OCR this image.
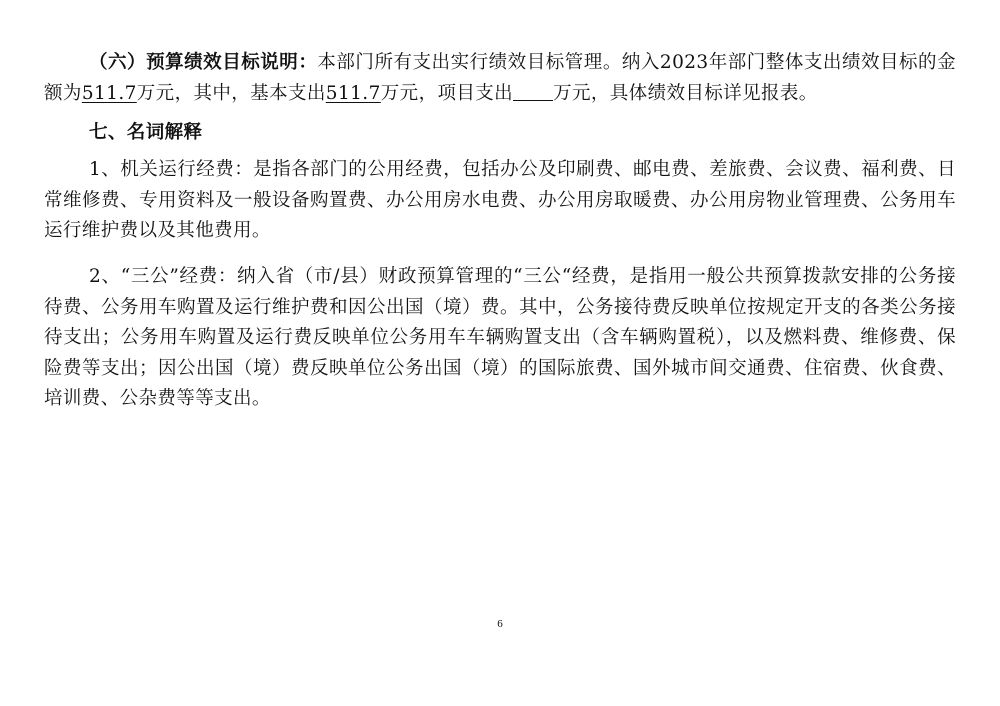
（六）预算绩效目标说明：本部门所有支出实行绩效目标管理。纳入2023年部门整体支出绩效目标的金额为511.7万元，其中，基本支出511.7万元，项目支出 万元，具体绩效目标详见报表。

七、名词解释

1、机关运行经费：是指各部门的公用经费，包括办公及印刷费、邮电费、差旅费、会议费、福利费、日常维修费、专用资料及一般设备购置费、办公用房水电费、办公用房取暖费、办公用房物业管理费、公务用车运行维护费以及其他费用。

2、“三公”经费：纳入省（市/县）财政预算管理的“三公“经费，是指用一般公共预算拨款安排的公务接待费、公务用车购置及运行维护费和因公出国（境）费。其中，公务接待费反映单位按规定开支的各类公务接待支出；公务用车购置及运行费反映单位公务用车车辆购置支出（含车辆购置税），以及燃料费、维修费、保险费等支出；因公出国（境）费反映单位公务出国（境）的国际旅费、国外城市间交通费、住宿费、伙食费、培训费、公杂费等等支出。

6
